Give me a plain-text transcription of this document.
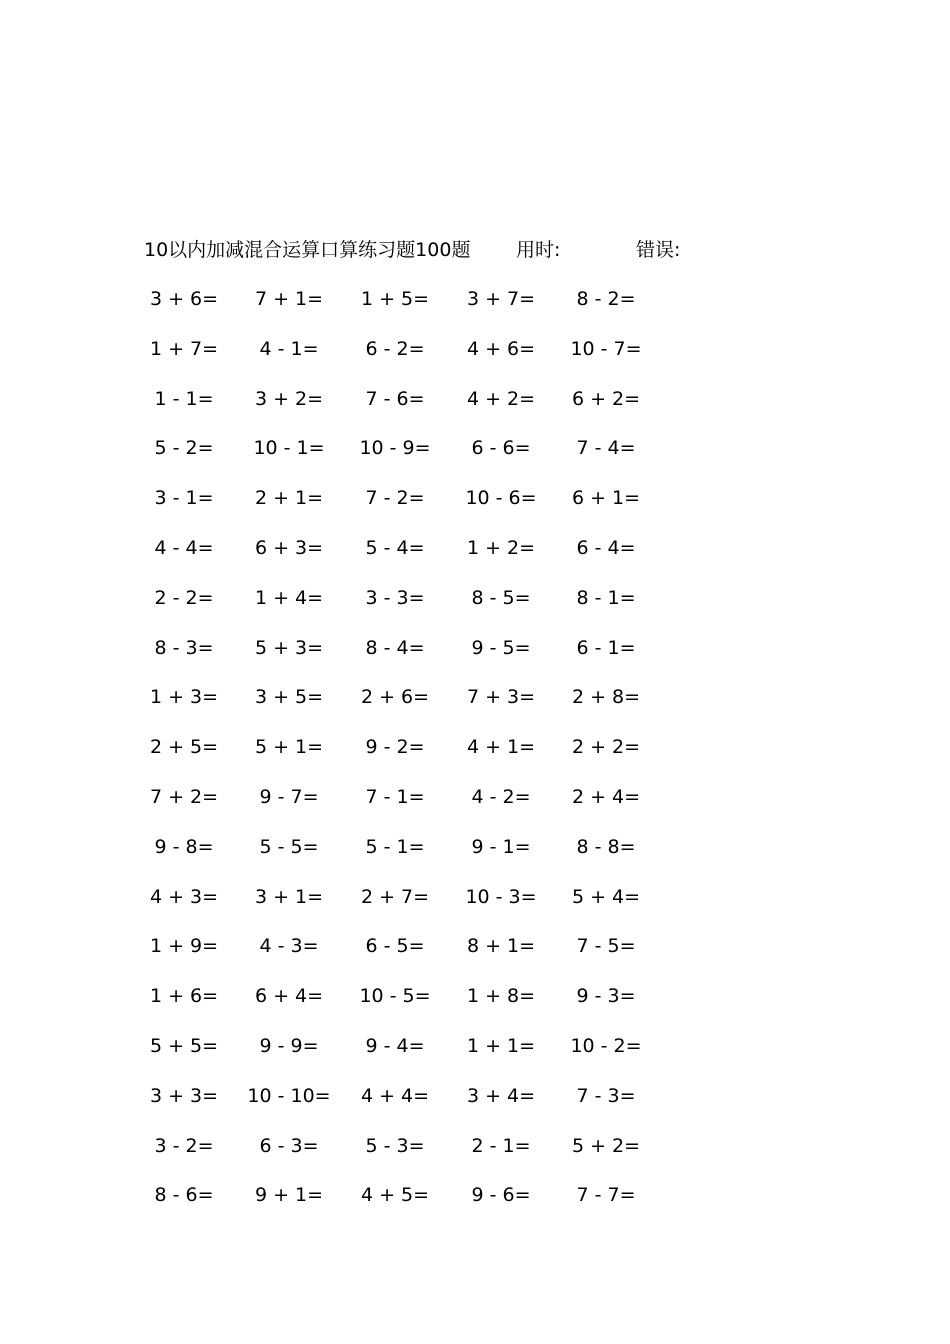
10以内加减混合运算口算练习题100题 用时:	错误:
3 + 6= 7 + 1= 1 + 5= 3 + 7= 8 - 2=
1 + 7= 4 - 1= 6 - 2= 4 + 6= 10 - 7=
1 - 1= 3 + 2= 7 - 6= 4 + 2= 6 + 2=
5 - 2= 10 - 1= 10 - 9= 6 - 6= 7 - 4=
3 - 1= 2 + 1= 7 - 2= 10 - 6= 6 + 1=
4 - 4= 6 + 3= 5 - 4= 1 + 2= 6 - 4=
2 - 2= 1 + 4= 3 - 3= 8 - 5= 8 - 1=
8 - 3= 5 + 3= 8 - 4= 9 - 5= 6 - 1=
1 + 3= 3 + 5= 2 + 6= 7 + 3= 2 + 8=
2 + 5= 5 + 1= 9 - 2= 4 + 1= 2 + 2=
7 + 2= 9 - 7= 7 - 1= 4 - 2= 2 + 4=
9 - 8= 5 - 5= 5 - 1= 9 - 1= 8 - 8=
4 + 3= 3 + 1= 2 + 7= 10 - 3= 5 + 4=
1 + 9= 4 - 3= 6 - 5= 8 + 1= 7 - 5=
1 + 6= 6 + 4= 10 - 5= 1 + 8= 9 - 3=
5 + 5= 9 - 9= 9 - 4= 1 + 1= 10 - 2=
3 + 3= 10 - 10= 4 + 4= 3 + 4= 7 - 3=
3 - 2= 6 - 3= 5 - 3= 2 - 1= 5 + 2=
8 - 6= 9 + 1= 4 + 5= 9 - 6= 7 - 7=
